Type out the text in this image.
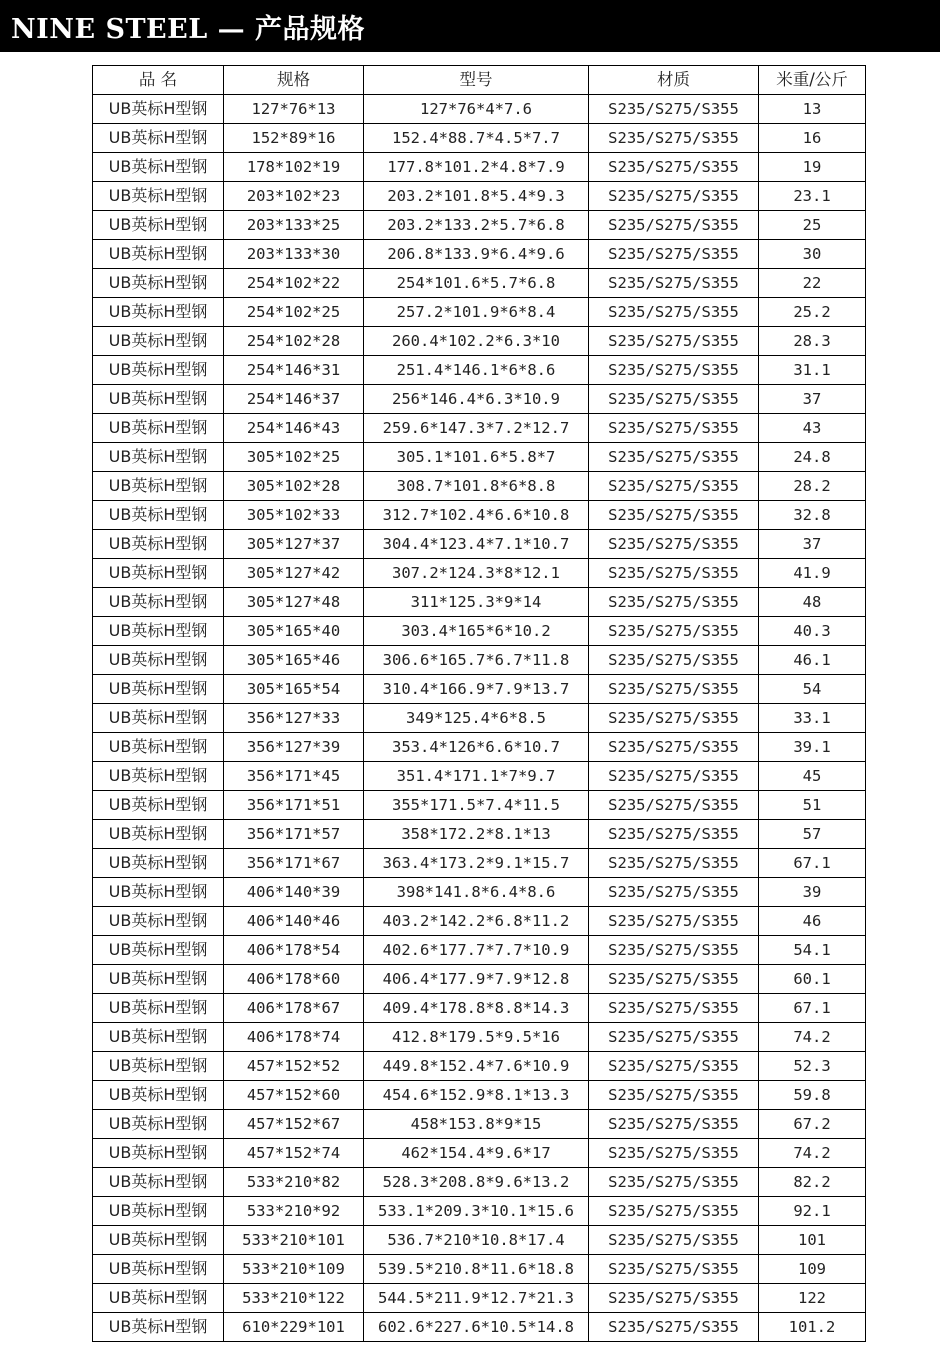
NINE STEEL — 产品规格
品 名	规格	型号	材质	米重/公斤
UB英标H型钢	127*76*13	127*76*4*7.6	S235/S275/S355	13
UB英标H型钢	152*89*16	152.4*88.7*4.5*7.7	S235/S275/S355	16
UB英标H型钢	178*102*19	177.8*101.2*4.8*7.9	S235/S275/S355	19
UB英标H型钢	203*102*23	203.2*101.8*5.4*9.3	S235/S275/S355	23.1
UB英标H型钢	203*133*25	203.2*133.2*5.7*6.8	S235/S275/S355	25
UB英标H型钢	203*133*30	206.8*133.9*6.4*9.6	S235/S275/S355	30
UB英标H型钢	254*102*22	254*101.6*5.7*6.8	S235/S275/S355	22
UB英标H型钢	254*102*25	257.2*101.9*6*8.4	S235/S275/S355	25.2
UB英标H型钢	254*102*28	260.4*102.2*6.3*10	S235/S275/S355	28.3
UB英标H型钢	254*146*31	251.4*146.1*6*8.6	S235/S275/S355	31.1
UB英标H型钢	254*146*37	256*146.4*6.3*10.9	S235/S275/S355	37
UB英标H型钢	254*146*43	259.6*147.3*7.2*12.7	S235/S275/S355	43
UB英标H型钢	305*102*25	305.1*101.6*5.8*7	S235/S275/S355	24.8
UB英标H型钢	305*102*28	308.7*101.8*6*8.8	S235/S275/S355	28.2
UB英标H型钢	305*102*33	312.7*102.4*6.6*10.8	S235/S275/S355	32.8
UB英标H型钢	305*127*37	304.4*123.4*7.1*10.7	S235/S275/S355	37
UB英标H型钢	305*127*42	307.2*124.3*8*12.1	S235/S275/S355	41.9
UB英标H型钢	305*127*48	311*125.3*9*14	S235/S275/S355	48
UB英标H型钢	305*165*40	303.4*165*6*10.2	S235/S275/S355	40.3
UB英标H型钢	305*165*46	306.6*165.7*6.7*11.8	S235/S275/S355	46.1
UB英标H型钢	305*165*54	310.4*166.9*7.9*13.7	S235/S275/S355	54
UB英标H型钢	356*127*33	349*125.4*6*8.5	S235/S275/S355	33.1
UB英标H型钢	356*127*39	353.4*126*6.6*10.7	S235/S275/S355	39.1
UB英标H型钢	356*171*45	351.4*171.1*7*9.7	S235/S275/S355	45
UB英标H型钢	356*171*51	355*171.5*7.4*11.5	S235/S275/S355	51
UB英标H型钢	356*171*57	358*172.2*8.1*13	S235/S275/S355	57
UB英标H型钢	356*171*67	363.4*173.2*9.1*15.7	S235/S275/S355	67.1
UB英标H型钢	406*140*39	398*141.8*6.4*8.6	S235/S275/S355	39
UB英标H型钢	406*140*46	403.2*142.2*6.8*11.2	S235/S275/S355	46
UB英标H型钢	406*178*54	402.6*177.7*7.7*10.9	S235/S275/S355	54.1
UB英标H型钢	406*178*60	406.4*177.9*7.9*12.8	S235/S275/S355	60.1
UB英标H型钢	406*178*67	409.4*178.8*8.8*14.3	S235/S275/S355	67.1
UB英标H型钢	406*178*74	412.8*179.5*9.5*16	S235/S275/S355	74.2
UB英标H型钢	457*152*52	449.8*152.4*7.6*10.9	S235/S275/S355	52.3
UB英标H型钢	457*152*60	454.6*152.9*8.1*13.3	S235/S275/S355	59.8
UB英标H型钢	457*152*67	458*153.8*9*15	S235/S275/S355	67.2
UB英标H型钢	457*152*74	462*154.4*9.6*17	S235/S275/S355	74.2
UB英标H型钢	533*210*82	528.3*208.8*9.6*13.2	S235/S275/S355	82.2
UB英标H型钢	533*210*92	533.1*209.3*10.1*15.6	S235/S275/S355	92.1
UB英标H型钢	533*210*101	536.7*210*10.8*17.4	S235/S275/S355	101
UB英标H型钢	533*210*109	539.5*210.8*11.6*18.8	S235/S275/S355	109
UB英标H型钢	533*210*122	544.5*211.9*12.7*21.3	S235/S275/S355	122
UB英标H型钢	610*229*101	602.6*227.6*10.5*14.8	S235/S275/S355	101.2
